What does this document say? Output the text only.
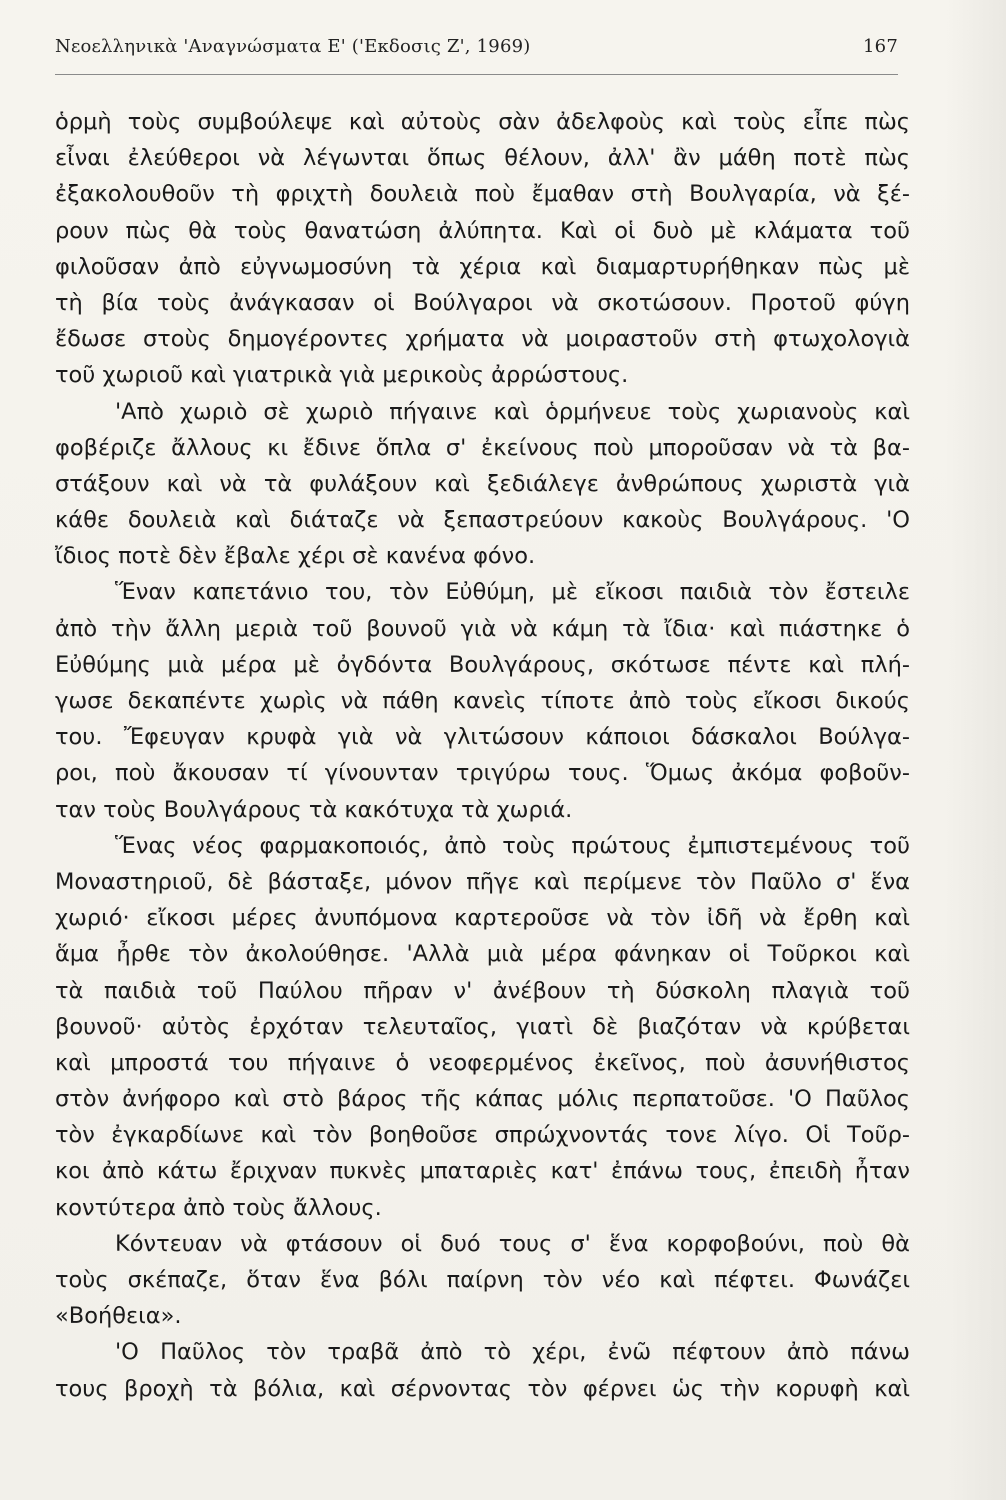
Νεοελληνικὰ 'Αναγνώσματα Ε' ('Εκδοσις Ζ', 1969)	167
ὁρμὴ τοὺς συμβούλεψε καὶ αὐτοὺς σὰν ἀδελφοὺς καὶ τοὺς εἶπε πὼς
εἶναι ἐλεύθεροι νὰ λέγωνται ὅπως θέλουν, ἀλλ' ἂν μάθη ποτὲ πὼς
ἐξακολουθοῦν τὴ φριχτὴ δουλειὰ ποὺ ἔμαθαν στὴ Βουλγαρία, νὰ ξέ-
ρουν πὼς θὰ τοὺς θανατώση ἀλύπητα. Καὶ οἱ δυὸ μὲ κλάματα τοῦ
φιλοῦσαν ἀπὸ εὐγνωμοσύνη τὰ χέρια καὶ διαμαρτυρήθηκαν πὼς μὲ
τὴ βία τοὺς ἀνάγκασαν οἱ Βούλγαροι νὰ σκοτώσουν. Προτοῦ φύγη
ἔδωσε στοὺς δημογέροντες χρήματα νὰ μοιραστοῦν στὴ φτωχολογιὰ
τοῦ χωριοῦ καὶ γιατρικὰ γιὰ μερικοὺς ἀρρώστους.
'Απὸ χωριὸ σὲ χωριὸ πήγαινε καὶ ὁρμήνευε τοὺς χωριανοὺς καὶ
φοβέριζε ἄλλους κι ἔδινε ὅπλα σ' ἐκείνους ποὺ μποροῦσαν νὰ τὰ βα-
στάξουν καὶ νὰ τὰ φυλάξουν καὶ ξεδιάλεγε ἀνθρώπους χωριστὰ γιὰ
κάθε δουλειὰ καὶ διάταζε νὰ ξεπαστρεύουν κακοὺς Βουλγάρους. 'Ο
ἴδιος ποτὲ δὲν ἔβαλε χέρι σὲ κανένα φόνο.
Ἕναν καπετάνιο του, τὸν Εὐθύμη, μὲ εἴκοσι παιδιὰ τὸν ἔστειλε
ἀπὸ τὴν ἄλλη μεριὰ τοῦ βουνοῦ γιὰ νὰ κάμη τὰ ἴδια· καὶ πιάστηκε ὁ
Εὐθύμης μιὰ μέρα μὲ ὀγδόντα Βουλγάρους, σκότωσε πέντε καὶ πλή-
γωσε δεκαπέντε χωρὶς νὰ πάθη κανεὶς τίποτε ἀπὸ τοὺς εἴκοσι δικούς
του. Ἔφευγαν κρυφὰ γιὰ νὰ γλιτώσουν κάποιοι δάσκαλοι Βούλγα-
ροι, ποὺ ἄκουσαν τί γίνουνταν τριγύρω τους. Ὅμως ἀκόμα φοβοῦν-
ταν τοὺς Βουλγάρους τὰ κακότυχα τὰ χωριά.
Ἕνας νέος φαρμακοποιός, ἀπὸ τοὺς πρώτους ἐμπιστεμένους τοῦ
Μοναστηριοῦ, δὲ βάσταξε, μόνον πῆγε καὶ περίμενε τὸν Παῦλο σ' ἕνα
χωριό· εἴκοσι μέρες ἀνυπόμονα καρτεροῦσε νὰ τὸν ἰδῆ νὰ ἔρθη καὶ
ἅμα ἦρθε τὸν ἀκολούθησε. 'Αλλὰ μιὰ μέρα φάνηκαν οἱ Τοῦρκοι καὶ
τὰ παιδιὰ τοῦ Παύλου πῆραν ν' ἀνέβουν τὴ δύσκολη πλαγιὰ τοῦ
βουνοῦ· αὐτὸς ἐρχόταν τελευταῖος, γιατὶ δὲ βιαζόταν νὰ κρύβεται
καὶ μπροστά του πήγαινε ὁ νεοφερμένος ἐκεῖνος, ποὺ ἀσυνήθιστος
στὸν ἀνήφορο καὶ στὸ βάρος τῆς κάπας μόλις περπατοῦσε. 'Ο Παῦλος
τὸν ἐγκαρδίωνε καὶ τὸν βοηθοῦσε σπρώχνοντάς τονε λίγο. Οἱ Τοῦρ-
κοι ἀπὸ κάτω ἔριχναν πυκνὲς μπαταριὲς κατ' ἐπάνω τους, ἐπειδὴ ἦταν
κοντύτερα ἀπὸ τοὺς ἄλλους.
Κόντευαν νὰ φτάσουν οἱ δυό τους σ' ἕνα κορφοβούνι, ποὺ θὰ
τοὺς σκέπαζε, ὅταν ἕνα βόλι παίρνη τὸν νέο καὶ πέφτει. Φωνάζει
«Βοήθεια».
'Ο Παῦλος τὸν τραβᾶ ἀπὸ τὸ χέρι, ἐνῶ πέφτουν ἀπὸ πάνω
τους βροχὴ τὰ βόλια, καὶ σέρνοντας τὸν φέρνει ὡς τὴν κορυφὴ καὶ
